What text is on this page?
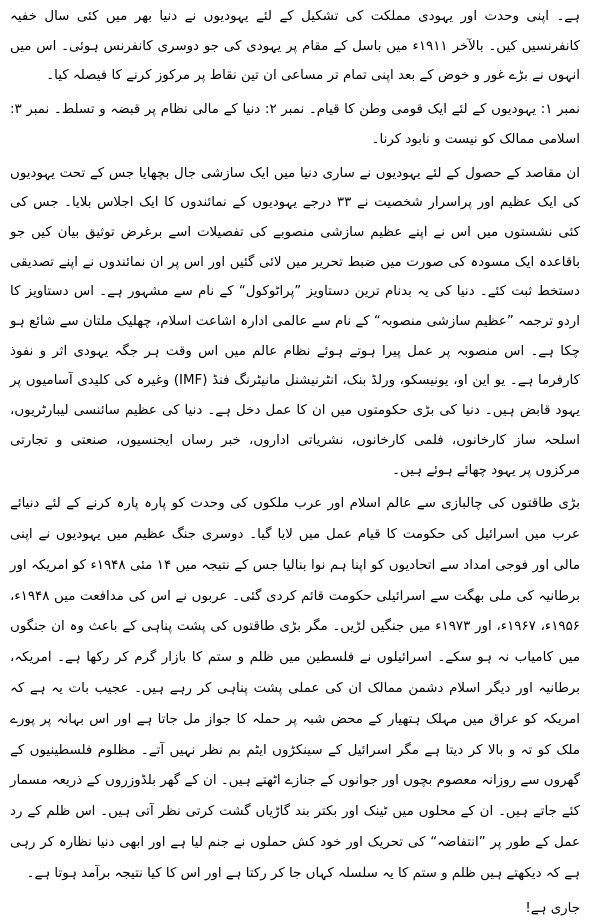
ہے۔ اپنی وحدت اور یہودی مملکت کی تشکیل کے لئے یہودیوں نے دنیا بھر میں کئی سال خفیہ کانفرنسیں کیں۔ بالآخر ۱۹۱۱ء میں باسل کے مقام پر یہودی کی جو دوسری کانفرنس ہوئی۔ اس میں انہوں نے بڑے غور و خوض کے بعد اپنی تمام تر مساعی ان تین نقاط پر مرکوز کرنے کا فیصلہ کیا۔

نمبر ۱: یہودیوں کے لئے ایک قومی وطن کا قیام۔ نمبر ۲: دنیا کے مالی نظام پر قبضہ و تسلط۔ نمبر ۳: اسلامی ممالک کو نیست و نابود کرنا۔

ان مقاصد کے حصول کے لئے یہودیوں نے ساری دنیا میں ایک سازشی جال بچھایا جس کے تحت یہودیوں کی ایک عظیم اور پراسرار شخصیت نے ۳۳ درجے یہودیوں کے نمائندوں کا ایک اجلاس بلایا۔ جس کی کئی نشستوں میں اس نے اپنے عظیم سازشی منصوبے کی تفصیلات اسے برغرض توثیق بیان کیں جو باقاعدہ ایک مسودہ کی صورت میں ضبط تحریر میں لائی گئیں اور اس پر ان نمائندوں نے اپنے تصدیقی دستخط ثبت کئے۔ دنیا کی یہ بدنام ترین دستاویز ”پراٹوکول“ کے نام سے مشہور ہے۔ اس دستاویز کا اردو ترجمہ ”عظیم سازشی منصوبہ“ کے نام سے عالمی ادارہ اشاعت اسلام، چھلیک ملتان سے شائع ہو چکا ہے۔ اس منصوبہ پر عمل پیرا ہوتے ہوئے نظام عالم میں اس وقت ہر جگہ یہودی اثر و نفوذ کارفرما ہے۔ یو این او، یونیسکو، ورلڈ بنک، انٹرنیشنل مانیٹرنگ فنڈ (IMF) وغیرہ کی کلیدی آسامیوں پر یہود قابض ہیں۔ دنیا کی بڑی حکومتوں میں ان کا عمل دخل ہے۔ دنیا کی عظیم سائنسی لیبارٹریوں، اسلحہ ساز کارخانوں، فلمی کارخانوں، نشریاتی اداروں، خبر رساں ایجنسیوں، صنعتی و تجارتی مرکزوں پر یہود چھائے ہوئے ہیں۔

بڑی طاقتوں کی چالبازی سے عالم اسلام اور عرب ملکوں کی وحدت کو پارہ پارہ کرنے کے لئے دنیائے عرب میں اسرائیل کی حکومت کا قیام عمل میں لایا گیا۔ دوسری جنگ عظیم میں یہودیوں نے اپنی مالی اور فوجی امداد سے اتحادیوں کو اپنا ہم نوا بنالیا جس کے نتیجہ میں ۱۴ مئی ۱۹۴۸ء کو امریکہ اور برطانیہ کی ملی بھگت سے اسرائیلی حکومت قائم کردی گئی۔ عربوں نے اس کی مدافعت میں ۱۹۴۸ء، ۱۹۵۶ء، ۱۹۶۷ء، اور ۱۹۷۳ء میں جنگیں لڑیں۔ مگر بڑی طاقتوں کی پشت پناہی کے باعث وہ ان جنگوں میں کامیاب نہ ہو سکے۔ اسرائیلوں نے فلسطین میں ظلم و ستم کا بازار گرم کر رکھا ہے۔ امریکہ، برطانیہ اور دیگر اسلام دشمن ممالک ان کی عملی پشت پناہی کر رہے ہیں۔ عجیب بات یہ ہے کہ امریکہ کو عراق میں مہلک ہتھیار کے محض شبہ پر حملہ کا جواز مل جاتا ہے اور اس بہانہ پر پورے ملک کو تہ و بالا کر دیتا ہے مگر اسرائیل کے سینکڑوں ایٹم بم نظر نہیں آتے۔ مظلوم فلسطینیوں کے گھروں سے روزانہ معصوم بچوں اور جوانوں کے جنازے اٹھتے ہیں۔ ان کے گھر بلڈوزروں کے ذریعہ مسمار کئے جاتے ہیں۔ ان کے محلوں میں ٹینک اور بکتر بند گاڑیاں گشت کرتی نظر آتی ہیں۔ اس ظلم کے رد عمل کے طور پر ”انتفاضہ“ کی تحریک اور خود کش حملوں نے جنم لیا ہے اور ابھی دنیا نظارہ کر رہی ہے کہ دیکھتے ہیں ظلم و ستم کا یہ سلسلہ کہاں جا کر رکتا ہے اور اس کا کیا نتیجہ برآمد ہوتا ہے۔

جاری ہے!
